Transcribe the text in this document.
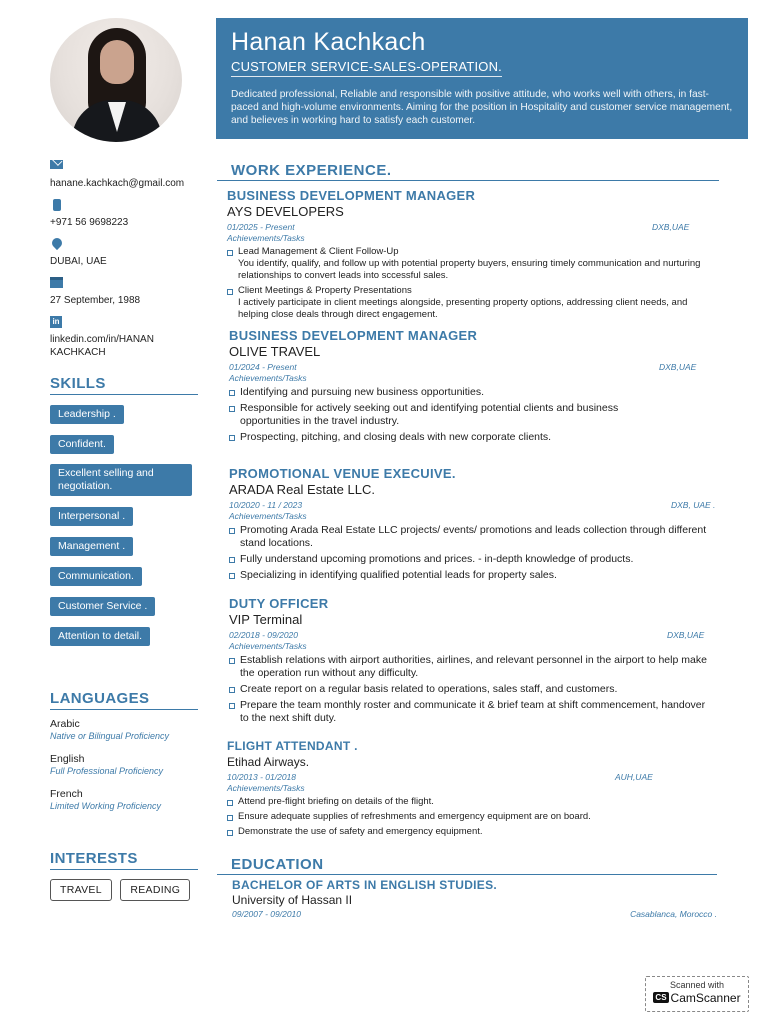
Hanan Kachkach
CUSTOMER SERVICE-SALES-OPERATION.
Dedicated professional, Reliable and responsible with positive attitude, who works well with others, in fast-paced and high-volume environments. Aiming for the position in Hospitality and customer service management, and believes in working hard to satisfy each customer.
hanane.kachkach@gmail.com
+971 56 9698223
DUBAI, UAE
27 September, 1988
in
linkedin.com/in/HANAN KACHKACH
SKILLS
Leadership .
Confident.
Excellent selling and negotiation.
Interpersonal .
Management .
Communication.
Customer Service .
Attention to detail.
LANGUAGES
Arabic
Native or Bilingual Proficiency
English
Full Professional Proficiency
French
Limited Working Proficiency
INTERESTS
TRAVEL	READING
WORK EXPERIENCE.
BUSINESS DEVELOPMENT MANAGER
AYS DEVELOPERS
01/2025 - Present	DXB,UAE
Achievements/Tasks
Lead Management & Client Follow-Up
You identify, qualify, and follow up with potential property buyers, ensuring timely communication and nurturing relationships to convert leads into sccessful sales.
Client Meetings & Property Presentations
I actively participate in client meetings alongside, presenting property options, addressing client needs, and helping close deals through direct engagement.
BUSINESS DEVELOPMENT MANAGER
OLIVE TRAVEL
01/2024 - Present	DXB,UAE
Achievements/Tasks
Identifying and pursuing new business opportunities.
Responsible for actively seeking out and identifying potential clients and business opportunities in the travel industry.
Prospecting, pitching, and closing deals with new corporate clients.
PROMOTIONAL VENUE EXECUIVE.
ARADA Real Estate LLC.
10/2020 - 11 / 2023	DXB, UAE .
Achievements/Tasks
Promoting Arada Real Estate LLC projects/ events/ promotions and leads collection through different stand locations.
Fully understand upcoming promotions and prices. - in-depth knowledge of products.
Specializing in identifying qualified potential leads for property sales.
DUTY OFFICER
VIP Terminal
02/2018 - 09/2020	DXB,UAE
Achievements/Tasks
Establish relations with airport authorities, airlines, and relevant personnel in the airport to help make the operation run without any difficulty.
Create report on a regular basis related to operations, sales staff, and customers.
Prepare the team monthly roster and communicate it & brief team at shift commencement, handover to the next shift duty.
FLIGHT ATTENDANT .
Etihad Airways.
10/2013 - 01/2018	AUH,UAE
Achievements/Tasks
Attend pre-flight briefing on details of the flight.
Ensure adequate supplies of refreshments and emergency equipment are on board.
Demonstrate the use of safety and emergency equipment.
EDUCATION
BACHELOR OF ARTS IN ENGLISH STUDIES.
University of Hassan II
09/2007 - 09/2010	Casablanca, Morocco .
Scanned with
CS CamScanner
